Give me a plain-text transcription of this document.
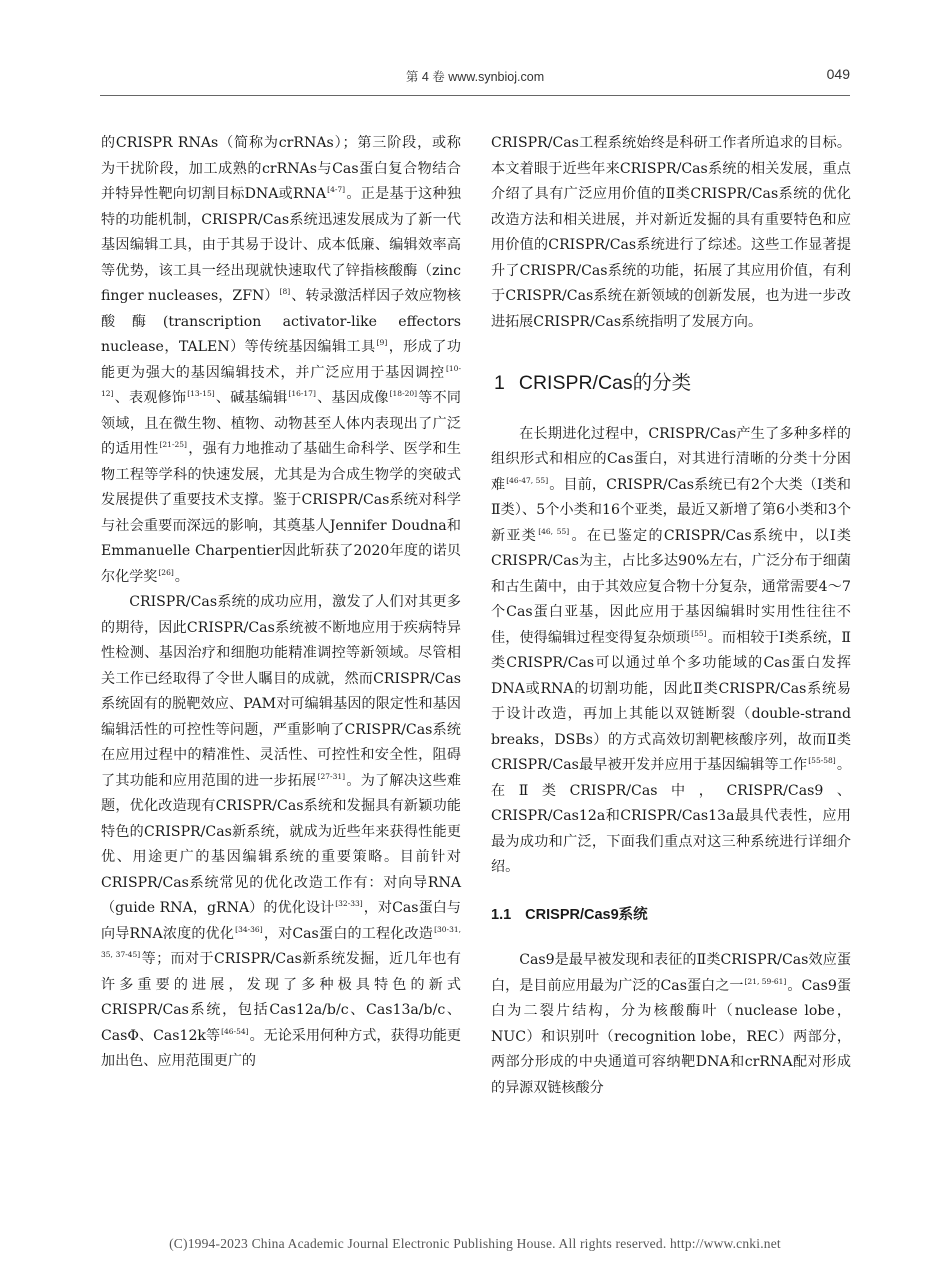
第 4 卷 www.synbioj.com	049

的CRISPR RNAs（简称为crRNAs）；第三阶段，或称为干扰阶段，加工成熟的crRNAs与Cas蛋白复合物结合并特异性靶向切割目标DNA或RNA[4-7]。正是基于这种独特的功能机制，CRISPR/Cas系统迅速发展成为了新一代基因编辑工具，由于其易于设计、成本低廉、编辑效率高等优势，该工具一经出现就快速取代了锌指核酸酶（zinc finger nucleases，ZFN）[8]、转录激活样因子效应物核酸酶(transcription activator-like effectors nuclease，TALEN）等传统基因编辑工具[9]，形成了功能更为强大的基因编辑技术，并广泛应用于基因调控[10-12]、表观修饰[13-15]、碱基编辑[16-17]、基因成像[18-20]等不同领域，且在微生物、植物、动物甚至人体内表现出了广泛的适用性[21-25]，强有力地推动了基础生命科学、医学和生物工程等学科的快速发展，尤其是为合成生物学的突破式发展提供了重要技术支撑。鉴于CRISPR/Cas系统对科学与社会重要而深远的影响，其奠基人Jennifer Doudna和Emmanuelle Charpentier因此斩获了2020年度的诺贝尔化学奖[26]。

CRISPR/Cas系统的成功应用，激发了人们对其更多的期待，因此CRISPR/Cas系统被不断地应用于疾病特异性检测、基因治疗和细胞功能精准调控等新领域。尽管相关工作已经取得了令世人瞩目的成就，然而CRISPR/Cas系统固有的脱靶效应、PAM对可编辑基因的限定性和基因编辑活性的可控性等问题，严重影响了CRISPR/Cas系统在应用过程中的精准性、灵活性、可控性和安全性，阻碍了其功能和应用范围的进一步拓展[27-31]。为了解决这些难题，优化改造现有CRISPR/Cas系统和发掘具有新颖功能特色的CRISPR/Cas新系统，就成为近些年来获得性能更优、用途更广的基因编辑系统的重要策略。目前针对CRISPR/Cas系统常见的优化改造工作有：对向导RNA（guide RNA，gRNA）的优化设计[32-33]，对Cas蛋白与向导RNA浓度的优化[34-36]，对Cas蛋白的工程化改造[30-31, 35, 37-45]等；而对于CRISPR/Cas新系统发掘，近几年也有许多重要的进展，发现了多种极具特色的新式CRISPR/Cas系统，包括Cas12a/b/c、Cas13a/b/c、CasΦ、Cas12k等[46-54]。无论采用何种方式，获得功能更加出色、应用范围更广的

CRISPR/Cas工程系统始终是科研工作者所追求的目标。本文着眼于近些年来CRISPR/Cas系统的相关发展，重点介绍了具有广泛应用价值的Ⅱ类CRISPR/Cas系统的优化改造方法和相关进展，并对新近发掘的具有重要特色和应用价值的CRISPR/Cas系统进行了综述。这些工作显著提升了CRISPR/Cas系统的功能，拓展了其应用价值，有利于CRISPR/Cas系统在新领域的创新发展，也为进一步改进拓展CRISPR/Cas系统指明了发展方向。

1 CRISPR/Cas的分类

在长期进化过程中，CRISPR/Cas产生了多种多样的组织形式和相应的Cas蛋白，对其进行清晰的分类十分困难[46-47, 55]。目前，CRISPR/Cas系统已有2个大类（Ⅰ类和Ⅱ类）、5个小类和16个亚类，最近又新增了第6小类和3个新亚类[46, 55]。在已鉴定的CRISPR/Cas系统中，以Ⅰ类CRISPR/Cas为主，占比多达90%左右，广泛分布于细菌和古生菌中，由于其效应复合物十分复杂，通常需要4～7个Cas蛋白亚基，因此应用于基因编辑时实用性往往不佳，使得编辑过程变得复杂烦琐[55]。而相较于Ⅰ类系统，Ⅱ类CRISPR/Cas可以通过单个多功能域的Cas蛋白发挥DNA或RNA的切割功能，因此Ⅱ类CRISPR/Cas系统易于设计改造，再加上其能以双链断裂（double-strand breaks，DSBs）的方式高效切割靶核酸序列，故而Ⅱ类CRISPR/Cas最早被开发并应用于基因编辑等工作[55-58]。在Ⅱ类CRISPR/Cas中，CRISPR/Cas9、CRISPR/Cas12a和CRISPR/Cas13a最具代表性，应用最为成功和广泛，下面我们重点对这三种系统进行详细介绍。

1.1 CRISPR/Cas9系统

Cas9是最早被发现和表征的Ⅱ类CRISPR/Cas效应蛋白，是目前应用最为广泛的Cas蛋白之一[21, 59-61]。Cas9蛋白为二裂片结构，分为核酸酶叶（nuclease lobe，NUC）和识别叶（recognition lobe，REC）两部分，两部分形成的中央通道可容纳靶DNA和crRNA配对形成的异源双链核酸分

(C)1994-2023 China Academic Journal Electronic Publishing House. All rights reserved. http://www.cnki.net
